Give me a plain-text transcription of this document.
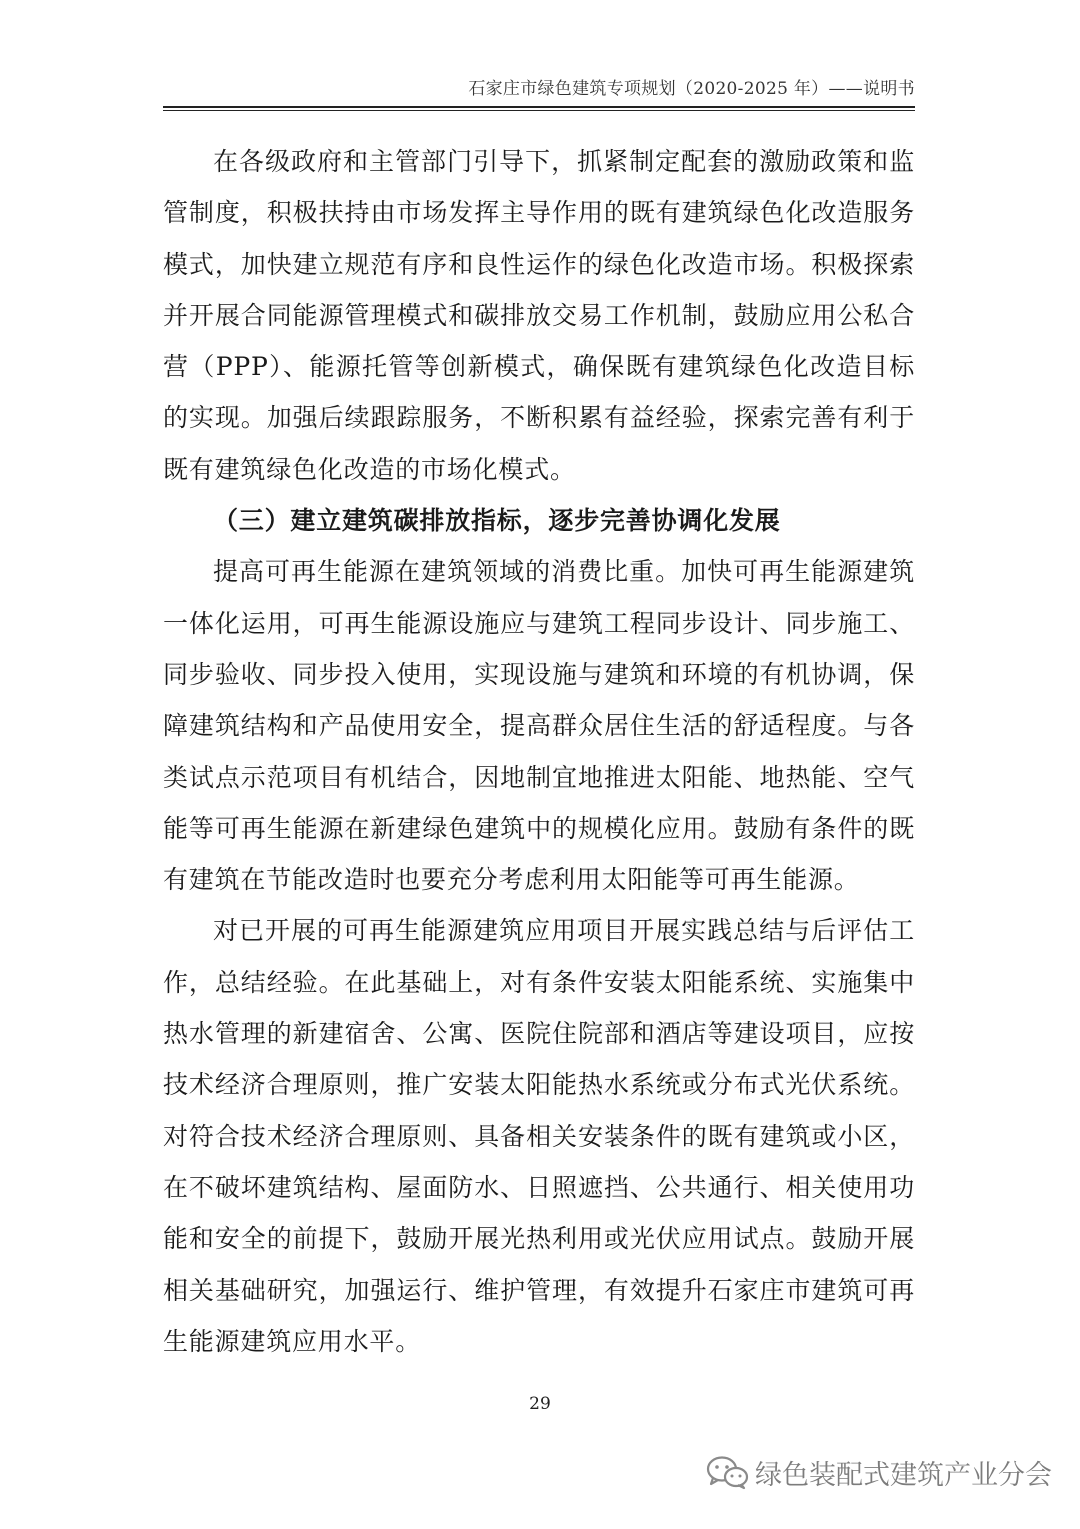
石家庄市绿色建筑专项规划（2020-2025 年）——说明书

在各级政府和主管部门引导下，抓紧制定配套的激励政策和监管制度，积极扶持由市场发挥主导作用的既有建筑绿色化改造服务模式，加快建立规范有序和良性运作的绿色化改造市场。积极探索并开展合同能源管理模式和碳排放交易工作机制，鼓励应用公私合营（PPP）、能源托管等创新模式，确保既有建筑绿色化改造目标的实现。加强后续跟踪服务，不断积累有益经验，探索完善有利于既有建筑绿色化改造的市场化模式。

（三）建立建筑碳排放指标，逐步完善协调化发展

提高可再生能源在建筑领域的消费比重。加快可再生能源建筑一体化运用，可再生能源设施应与建筑工程同步设计、同步施工、同步验收、同步投入使用，实现设施与建筑和环境的有机协调，保障建筑结构和产品使用安全，提高群众居住生活的舒适程度。与各类试点示范项目有机结合，因地制宜地推进太阳能、地热能、空气能等可再生能源在新建绿色建筑中的规模化应用。鼓励有条件的既有建筑在节能改造时也要充分考虑利用太阳能等可再生能源。

对已开展的可再生能源建筑应用项目开展实践总结与后评估工作，总结经验。在此基础上，对有条件安装太阳能系统、实施集中热水管理的新建宿舍、公寓、医院住院部和酒店等建设项目，应按技术经济合理原则，推广安装太阳能热水系统或分布式光伏系统。对符合技术经济合理原则、具备相关安装条件的既有建筑或小区，在不破坏建筑结构、屋面防水、日照遮挡、公共通行、相关使用功能和安全的前提下，鼓励开展光热利用或光伏应用试点。鼓励开展相关基础研究，加强运行、维护管理，有效提升石家庄市建筑可再生能源建筑应用水平。

29
绿色装配式建筑产业分会
